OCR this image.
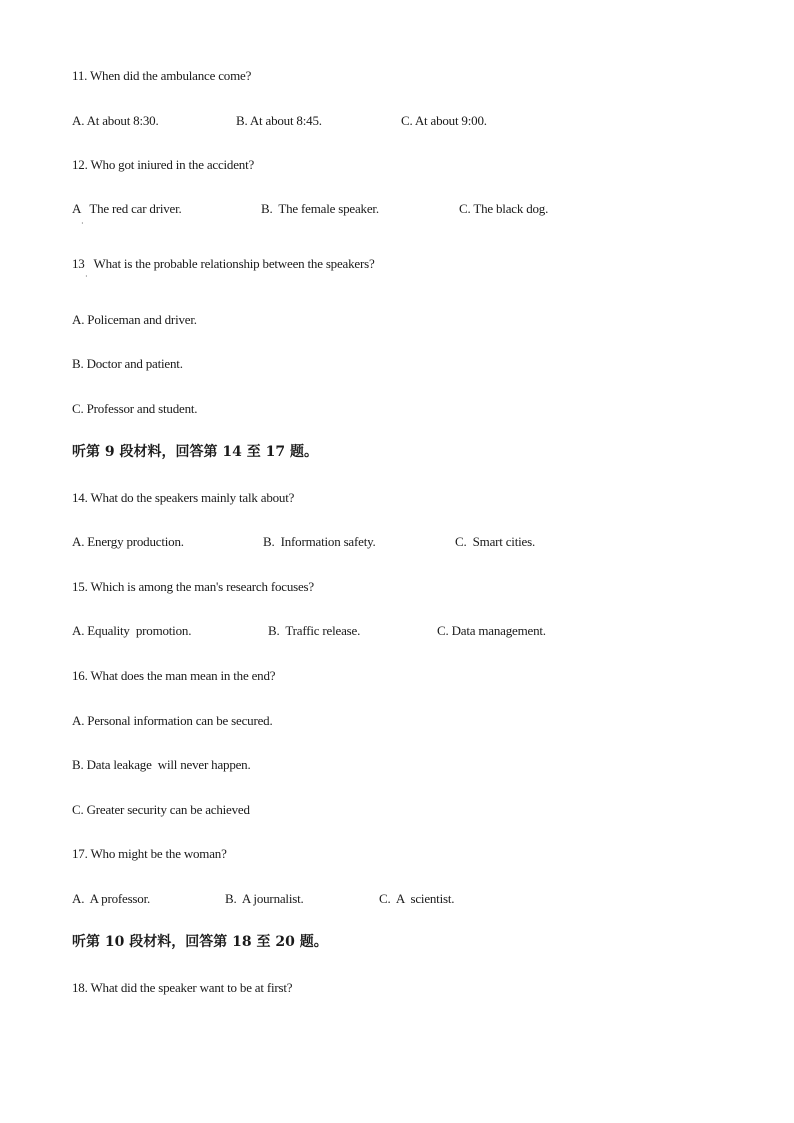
11. When did the ambulance come?
A. At about 8:30.	B. At about 8:45.	C. At about 9:00.
12. Who got iniured in the accident?
A   The red car driver.	B.  The female speaker.	C. The black dog.
·
13   What is the probable relationship between the speakers?
·
A. Policeman and driver.
B. Doctor and patient.
C. Professor and student.
听第 9 段材料，回答第 14 至 17 题。
14. What do the speakers mainly talk about?
A. Energy production.	B.  Information safety.	C.  Smart cities.
15. Which is among the man's research focuses?
A. Equality  promotion.	B.  Traffic release.	C. Data management.
16. What does the man mean in the end?
A. Personal information can be secured.
B. Data leakage  will never happen.
C. Greater security can be achieved
17. Who might be the woman?
A.  A professor.	B.  A journalist.	C.  A  scientist.
听第 10 段材料，回答第 18 至 20 题。
18. What did the speaker want to be at first?
